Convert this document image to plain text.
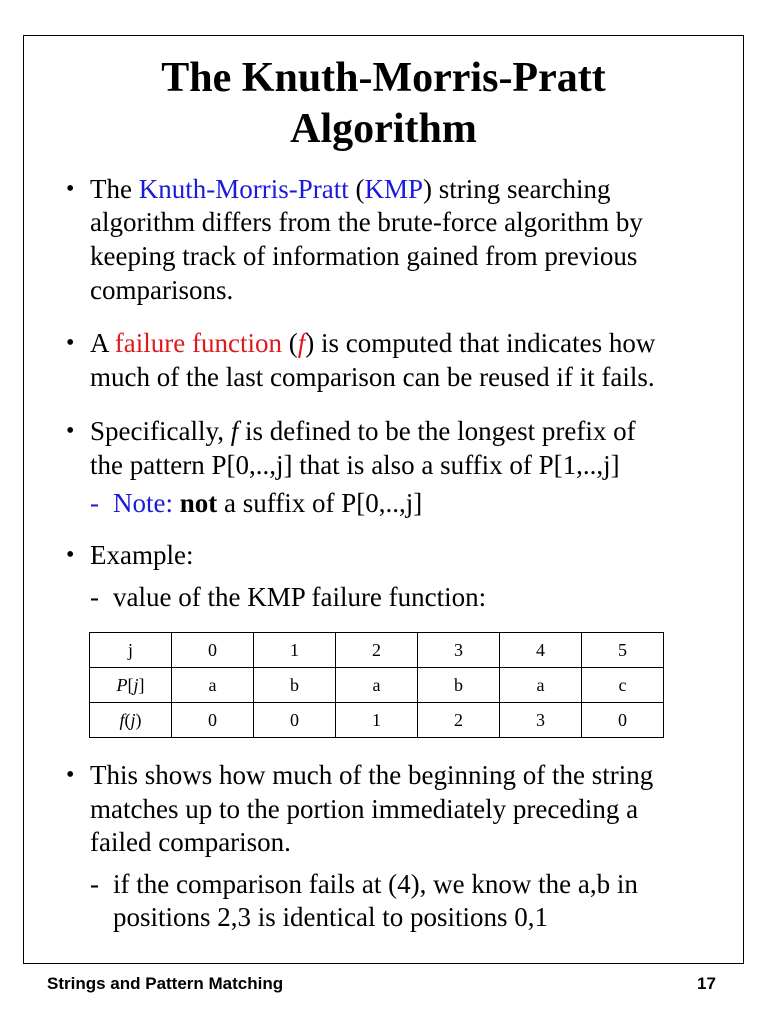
The Knuth-Morris-Pratt
Algorithm
• The Knuth-Morris-Pratt (KMP) string searching
algorithm differs from the brute-force algorithm by
keeping track of information gained from previous
comparisons.
• A failure function (f) is computed that indicates how
much of the last comparison can be reused if it fails.
• Specifically, f is defined to be the longest prefix of
the pattern P[0,..,j] that is also a suffix of P[1,..,j]
- Note: not a suffix of P[0,..,j]
• Example:
- value of the KMP failure function:
j	0	1	2	3	4	5
P[j]	a	b	a	b	a	c
f(j)	0	0	1	2	3	0
• This shows how much of the beginning of the string
matches up to the portion immediately preceding a
failed comparison.
- if the comparison fails at (4), we know the a,b in
positions 2,3 is identical to positions 0,1
Strings and Pattern Matching	17
